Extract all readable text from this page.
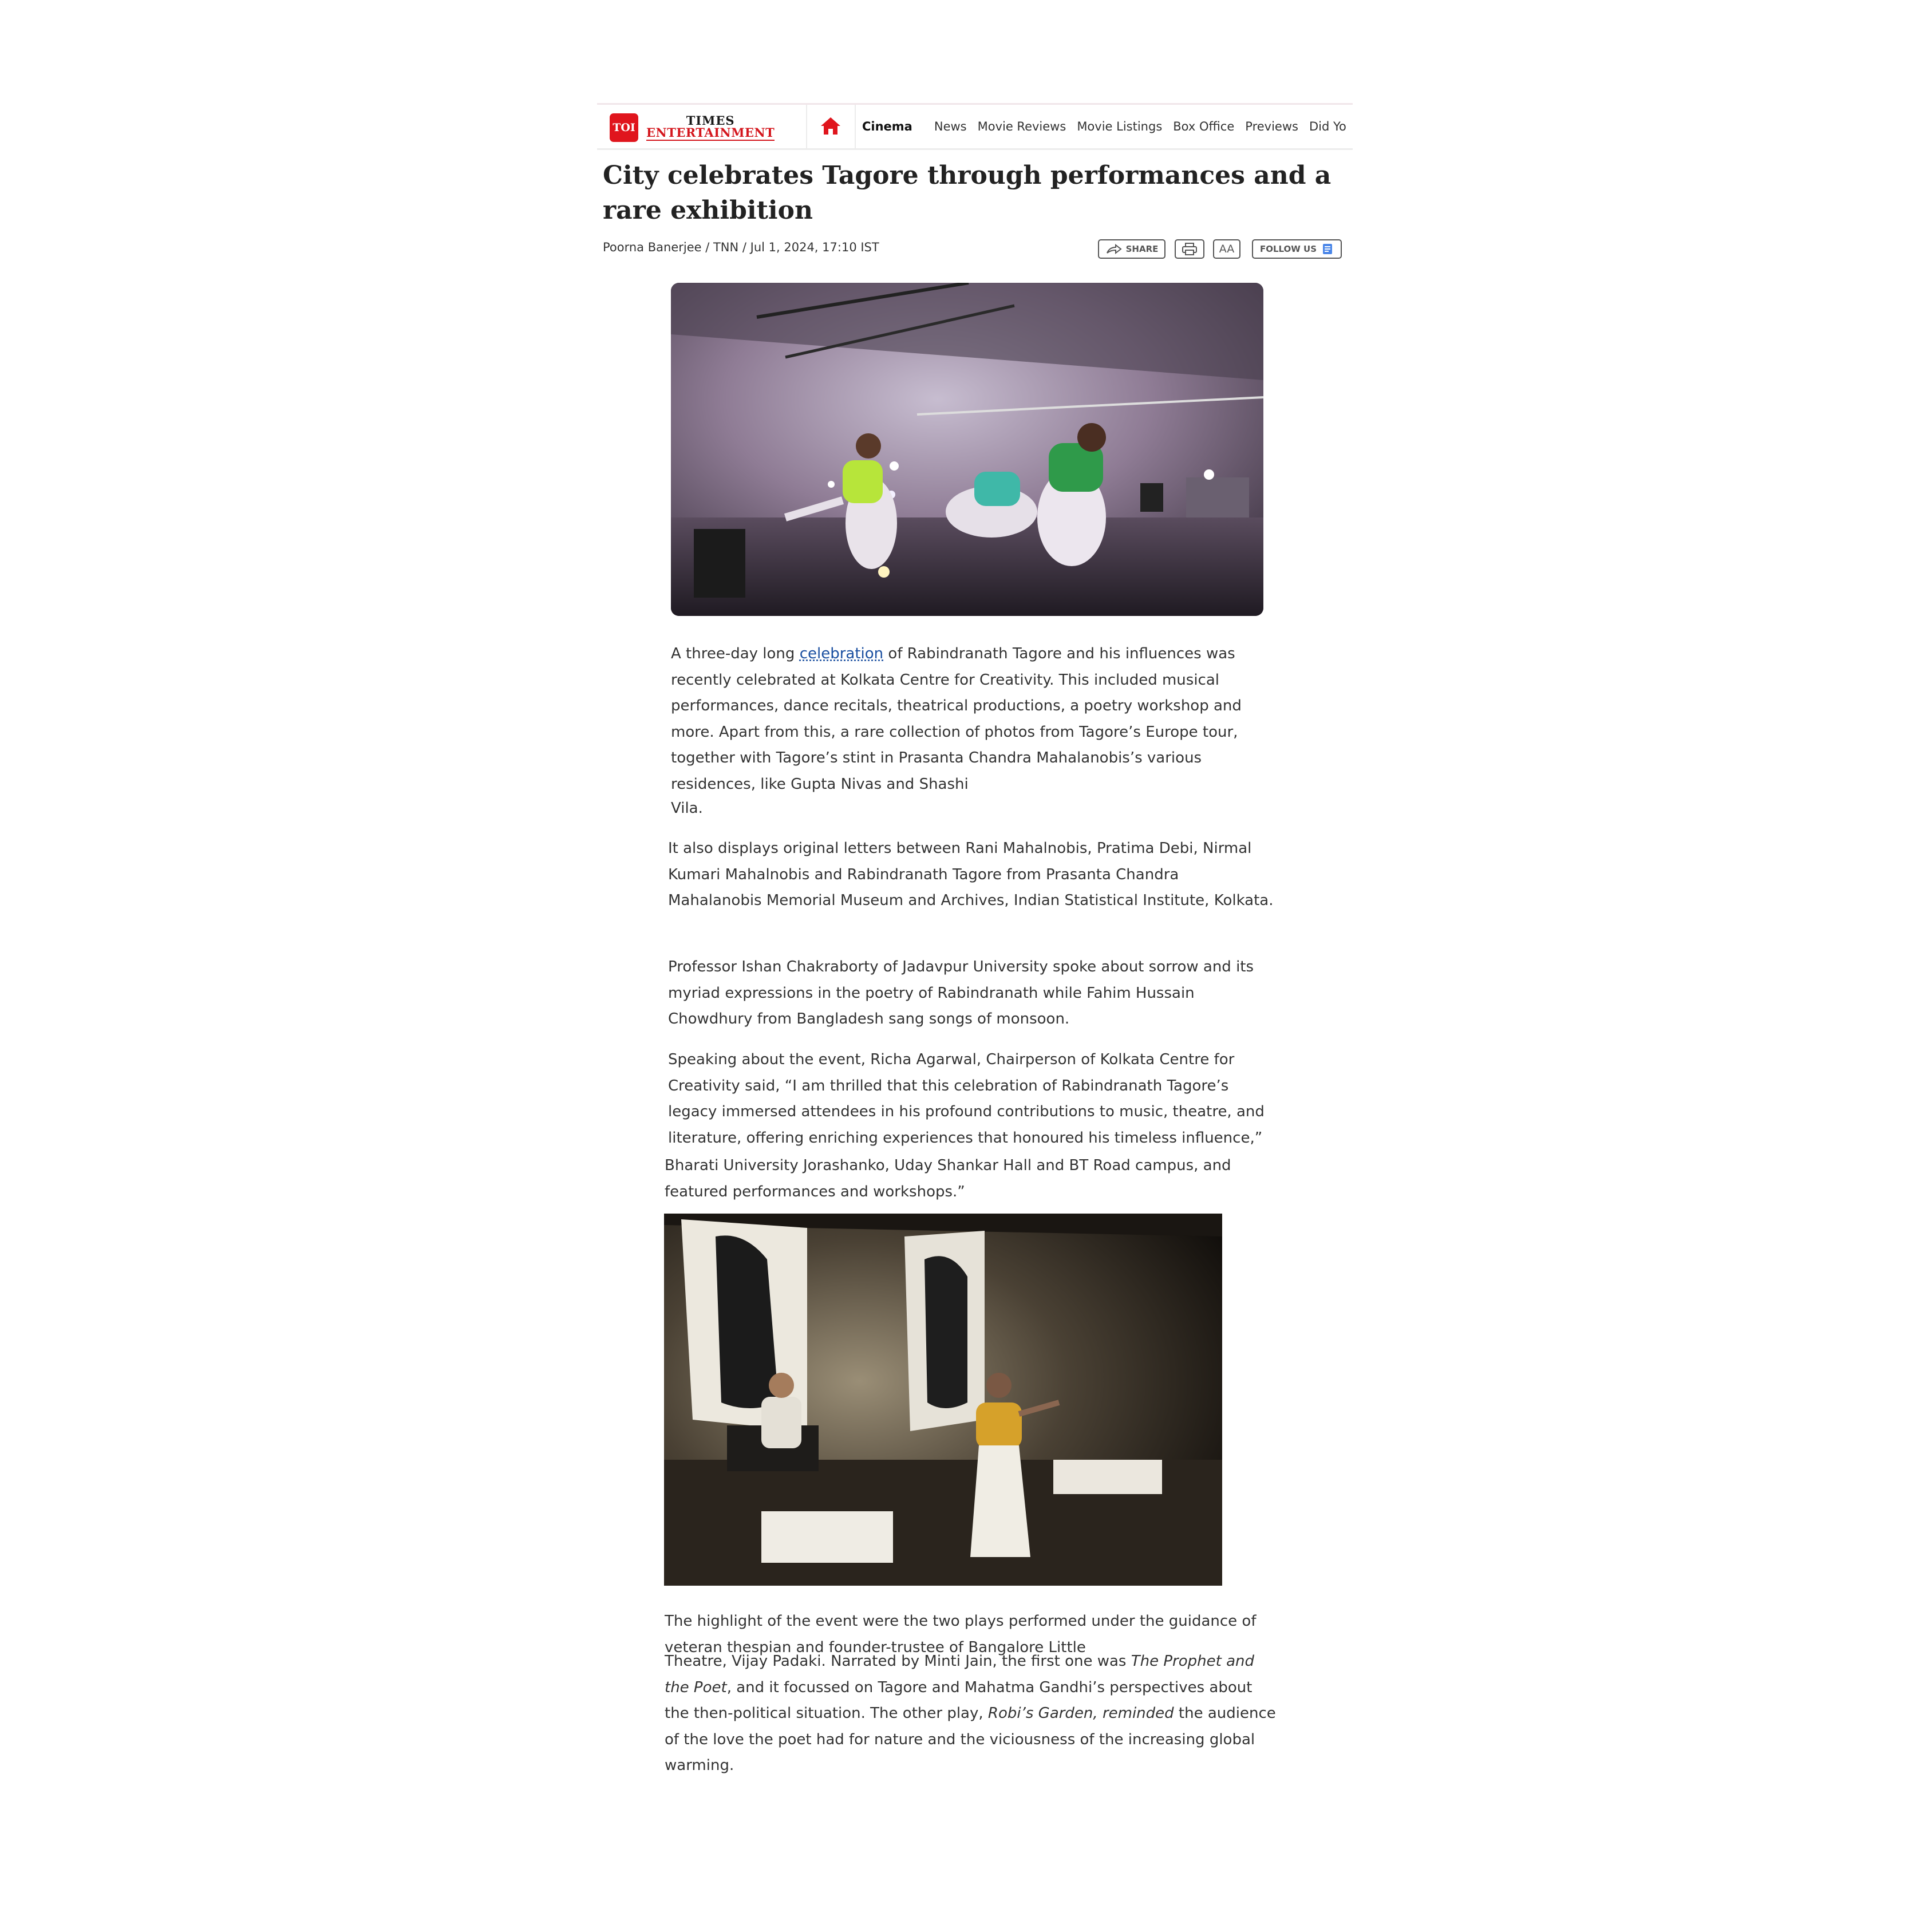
TOI	TIMES
ENTERTAINMENT	Cinema News Movie Reviews Movie Listings Box Office Previews Did Yo
City celebrates Tagore through performances and a rare exhibition
Poorna Banerjee / TNN / Jul 1, 2024, 17:10 IST	SHARE	AA	FOLLOW US
A three-day long celebration of Rabindranath Tagore and his influences was recently celebrated at Kolkata Centre for Creativity. This included musical performances, dance recitals, theatrical productions, a poetry workshop and more. Apart from this, a rare collection of photos from Tagore’s Europe tour, together with Tagore’s stint in Prasanta Chandra Mahalanobis’s various residences, like Gupta Nivas and Shashi
Vila.
It also displays original letters between Rani Mahalnobis, Pratima Debi, Nirmal Kumari Mahalnobis and Rabindranath Tagore from Prasanta Chandra Mahalanobis Memorial Museum and Archives, Indian Statistical Institute, Kolkata.
Professor Ishan Chakraborty of Jadavpur University spoke about sorrow and its myriad expressions in the poetry of Rabindranath while Fahim Hussain Chowdhury from Bangladesh sang songs of monsoon.
Speaking about the event, Richa Agarwal, Chairperson of Kolkata Centre for Creativity said, “I am thrilled that this celebration of Rabindranath Tagore’s legacy immersed attendees in his profound contributions to music, theatre, and literature, offering enriching experiences that honoured his timeless influence,”
Bharati University Jorashanko, Uday Shankar Hall and BT Road campus, and featured performances and workshops.”
The highlight of the event were the two plays performed under the guidance of veteran thespian and founder-trustee of Bangalore Little
Theatre, Vijay Padaki. Narrated by Minti Jain, the first one was The Prophet and the Poet, and it focussed on Tagore and Mahatma Gandhi’s perspectives about the then-political situation. The other play, Robi’s Garden, reminded the audience of the love the poet had for nature and the viciousness of the increasing global warming.
